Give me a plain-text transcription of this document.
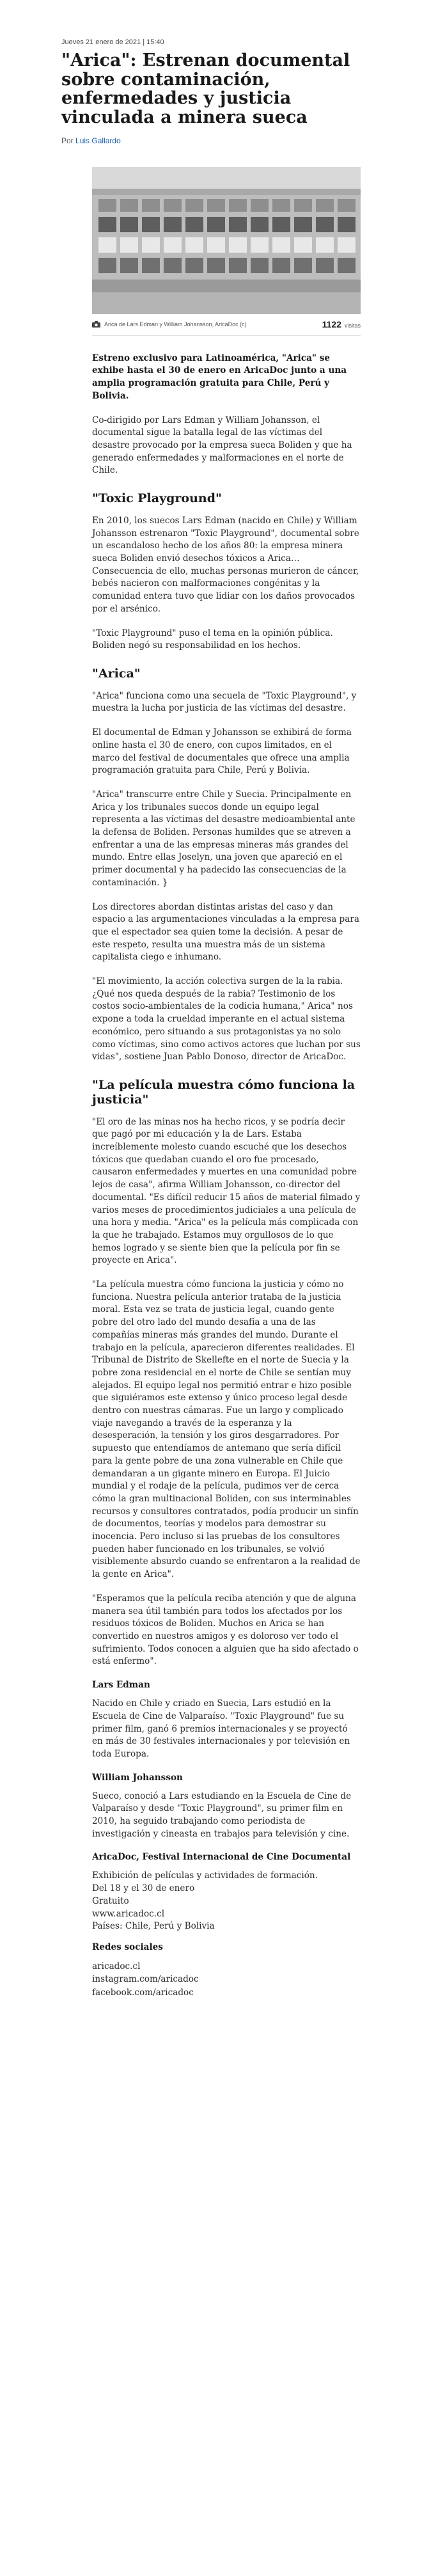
Jueves 21 enero de 2021 | 15:40
"Arica": Estrenan documental sobre contaminación, enfermedades y justicia vinculada a minera sueca
Por Luis Gallardo
Arica de Lars Edman y William Johansson, AricaDoc (c)	1122 visitas

Estreno exclusivo para Latinoamérica, "Arica" se exhibe hasta el 30 de enero en AricaDoc junto a una amplia programación gratuita para Chile, Perú y Bolivia.

Co-dirigido por Lars Edman y William Johansson, el documental sigue la batalla legal de las víctimas del desastre provocado por la empresa sueca Boliden y que ha generado enfermedades y malformaciones en el norte de Chile.

"Toxic Playground"

En 2010, los suecos Lars Edman (nacido en Chile) y William Johansson estrenaron "Toxic Playground", documental sobre un escandaloso hecho de los años 80: la empresa minera sueca Boliden envió desechos tóxicos a Arica… Consecuencia de ello, muchas personas murieron de cáncer, bebés nacieron con malformaciones congénitas y la comunidad entera tuvo que lidiar con los daños provocados por el arsénico.

"Toxic Playground" puso el tema en la opinión pública. Boliden negó su responsabilidad en los hechos.

"Arica"

"Arica" funciona como una secuela de "Toxic Playground", y muestra la lucha por justicia de las víctimas del desastre.

El documental de Edman y Johansson se exhibirá de forma online hasta el 30 de enero, con cupos limitados, en el marco del festival de documentales que ofrece una amplia programación gratuita para Chile, Perú y Bolivia.

"Arica" transcurre entre Chile y Suecia. Principalmente en Arica y los tribunales suecos donde un equipo legal representa a las víctimas del desastre medioambiental ante la defensa de Boliden. Personas humildes que se atreven a enfrentar a una de las empresas mineras más grandes del mundo. Entre ellas Joselyn, una joven que apareció en el primer documental y ha padecido las consecuencias de la contaminación. }

Los directores abordan distintas aristas del caso y dan espacio a las argumentaciones vinculadas a la empresa para que el espectador sea quien tome la decisión. A pesar de este respeto, resulta una muestra más de un sistema capitalista ciego e inhumano.

"El movimiento, la acción colectiva surgen de la la rabia. ¿Qué nos queda después de la rabia? Testimonio de los costos socio-ambientales de la codicia humana," Arica" nos expone a toda la crueldad imperante en el actual sistema económico, pero situando a sus protagonistas ya no solo como víctimas, sino como activos actores que luchan por sus vidas", sostiene Juan Pablo Donoso, director de AricaDoc.

"La película muestra cómo funciona la justicia"

"El oro de las minas nos ha hecho ricos, y se podría decir que pagó por mi educación y la de Lars. Estaba increíblemente molesto cuando escuché que los desechos tóxicos que quedaban cuando el oro fue procesado, causaron enfermedades y muertes en una comunidad pobre lejos de casa", afirma William Johansson, co-director del documental. "Es difícil reducir 15 años de material filmado y varios meses de procedimientos judiciales a una película de una hora y media. "Arica" es la película más complicada con la que he trabajado. Estamos muy orgullosos de lo que hemos logrado y se siente bien que la película por fin se proyecte en Arica".

"La película muestra cómo funciona la justicia y cómo no funciona. Nuestra película anterior trataba de la justicia moral. Esta vez se trata de justicia legal, cuando gente pobre del otro lado del mundo desafía a una de las compañías mineras más grandes del mundo. Durante el trabajo en la película, aparecieron diferentes realidades. El Tribunal de Distrito de Skelleftе en el norte de Suecia y la pobre zona residencial en el norte de Chile se sentían muy alejados. El equipo legal nos permitió entrar e hizo posible que siguiéramos este extenso y único proceso legal desde dentro con nuestras cámaras. Fue un largo y complicado viaje navegando a través de la esperanza y la desesperación, la tensión y los giros desgarradores. Por supuesto que entendíamos de antemano que sería difícil para la gente pobre de una zona vulnerable en Chile que demandaran a un gigante minero en Europa. El Juicio mundial y el rodaje de la película, pudimos ver de cerca cómo la gran multinacional Boliden, con sus interminables recursos y consultores contratados, podía producir un sinfín de documentos, teorías y modelos para demostrar su inocencia. Pero incluso si las pruebas de los consultores pueden haber funcionado en los tribunales, se volvió visiblemente absurdo cuando se enfrentaron a la realidad de la gente en Arica".

"Esperamos que la película reciba atención y que de alguna manera sea útil también para todos los afectados por los residuos tóxicos de Boliden. Muchos en Arica se han convertido en nuestros amigos y es doloroso ver todo el sufrimiento. Todos conocen a alguien que ha sido afectado o está enfermo".

Lars Edman

Nacido en Chile y criado en Suecia, Lars estudió en la Escuela de Cine de Valparaíso. "Toxic Playground" fue su primer film, ganó 6 premios internacionales y se proyectó en más de 30 festivales internacionales y por televisión en toda Europa.

William Johansson

Sueco, conoció a Lars estudiando en la Escuela de Cine de Valparaíso y desde "Toxic Playground", su primer film en 2010, ha seguido trabajando como periodista de investigación y cineasta en trabajos para televisión y cine.

AricaDoc, Festival Internacional de Cine Documental

Exhibición de películas y actividades de formación.
Del 18 y el 30 de enero
Gratuito
www.aricadoc.cl
Países: Chile, Perú y Bolivia

Redes sociales

aricadoc.cl
instagram.com/aricadoc
facebook.com/aricadoc
